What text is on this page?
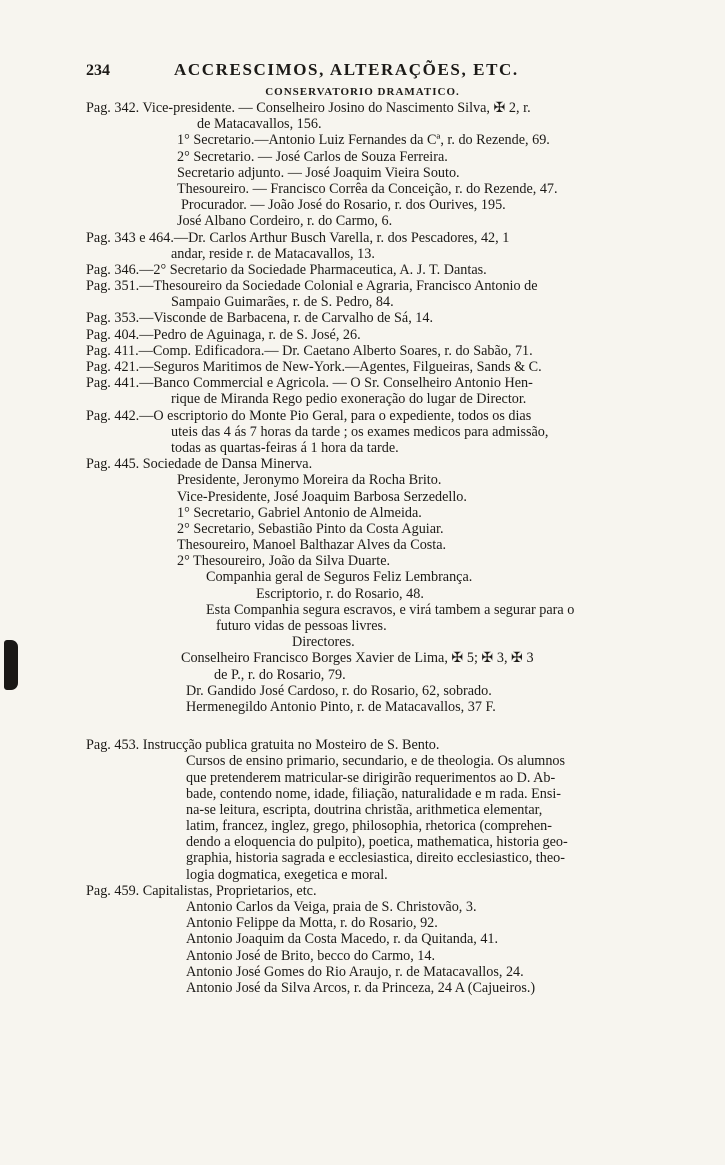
234	ACCRESCIMOS, ALTERAÇÕES, ETC.
CONSERVATORIO DRAMATICO.
Pag. 342. Vice-presidente. — Conselheiro Josino do Nascimento Silva, ✠ 2, r.
de Matacavallos, 156.
1° Secretario.—Antonio Luiz Fernandes da Cª, r. do Rezende, 69.
2° Secretario. — José Carlos de Souza Ferreira.
Secretario adjunto. — José Joaquim Vieira Souto.
Thesoureiro. — Francisco Corrêa da Conceição, r. do Rezende, 47.
Procurador. — João José do Rosario, r. dos Ourives, 195.
José Albano Cordeiro, r. do Carmo, 6.
Pag. 343 e 464.—Dr. Carlos Arthur Busch Varella, r. dos Pescadores, 42, 1
andar, reside r. de Matacavallos, 13.
Pag. 346.—2° Secretario da Sociedade Pharmaceutica, A. J. T. Dantas.
Pag. 351.—Thesoureiro da Sociedade Colonial e Agraria, Francisco Antonio de
Sampaio Guimarães, r. de S. Pedro, 84.
Pag. 353.—Visconde de Barbacena, r. de Carvalho de Sá, 14.
Pag. 404.—Pedro de Aguinaga, r. de S. José, 26.
Pag. 411.—Comp. Edificadora.— Dr. Caetano Alberto Soares, r. do Sabão, 71.
Pag. 421.—Seguros Maritimos de New-York.—Agentes, Filgueiras, Sands & C.
Pag. 441.—Banco Commercial e Agricola. — O Sr. Conselheiro Antonio Hen-
rique de Miranda Rego pedio exoneração do lugar de Director.
Pag. 442.—O escriptorio do Monte Pio Geral, para o expediente, todos os dias
uteis das 4 ás 7 horas da tarde ; os exames medicos para admissão,
todas as quartas-feiras á 1 hora da tarde.
Pag. 445. Sociedade de Dansa Minerva.
Presidente, Jeronymo Moreira da Rocha Brito.
Vice-Presidente, José Joaquim Barbosa Serzedello.
1° Secretario, Gabriel Antonio de Almeida.
2° Secretario, Sebastião Pinto da Costa Aguiar.
Thesoureiro, Manoel Balthazar Alves da Costa.
2° Thesoureiro, João da Silva Duarte.
Companhia geral de Seguros Feliz Lembrança.
Escriptorio, r. do Rosario, 48.
Esta Companhia segura escravos, e virá tambem a segurar para o
futuro vidas de pessoas livres.
Directores.
Conselheiro Francisco Borges Xavier de Lima, ✠ 5; ✠ 3, ✠ 3
de P., r. do Rosario, 79.
Dr. Gandido José Cardoso, r. do Rosario, 62, sobrado.
Hermenegildo Antonio Pinto, r. de Matacavallos, 37 F.
Pag. 453. Instrucção publica gratuita no Mosteiro de S. Bento.
Cursos de ensino primario, secundario, e de theologia. Os alumnos
que pretenderem matricular-se dirigirão requerimentos ao D. Ab-
bade, contendo nome, idade, filiação, naturalidade e m rada. Ensi-
na-se leitura, escripta, doutrina christãa, arithmetica elementar,
latim, francez, inglez, grego, philosophia, rhetorica (comprehen-
dendo a eloquencia do pulpito), poetica, mathematica, historia geo-
graphia, historia sagrada e ecclesiastica, direito ecclesiastico, theo-
logia dogmatica, exegetica e moral.
Pag. 459. Capitalistas, Proprietarios, etc.
Antonio Carlos da Veiga, praia de S. Christovão, 3.
Antonio Felippe da Motta, r. do Rosario, 92.
Antonio Joaquim da Costa Macedo, r. da Quitanda, 41.
Antonio José de Brito, becco do Carmo, 14.
Antonio José Gomes do Rio Araujo, r. de Matacavallos, 24.
Antonio José da Silva Arcos, r. da Princeza, 24 A (Cajueiros.)
